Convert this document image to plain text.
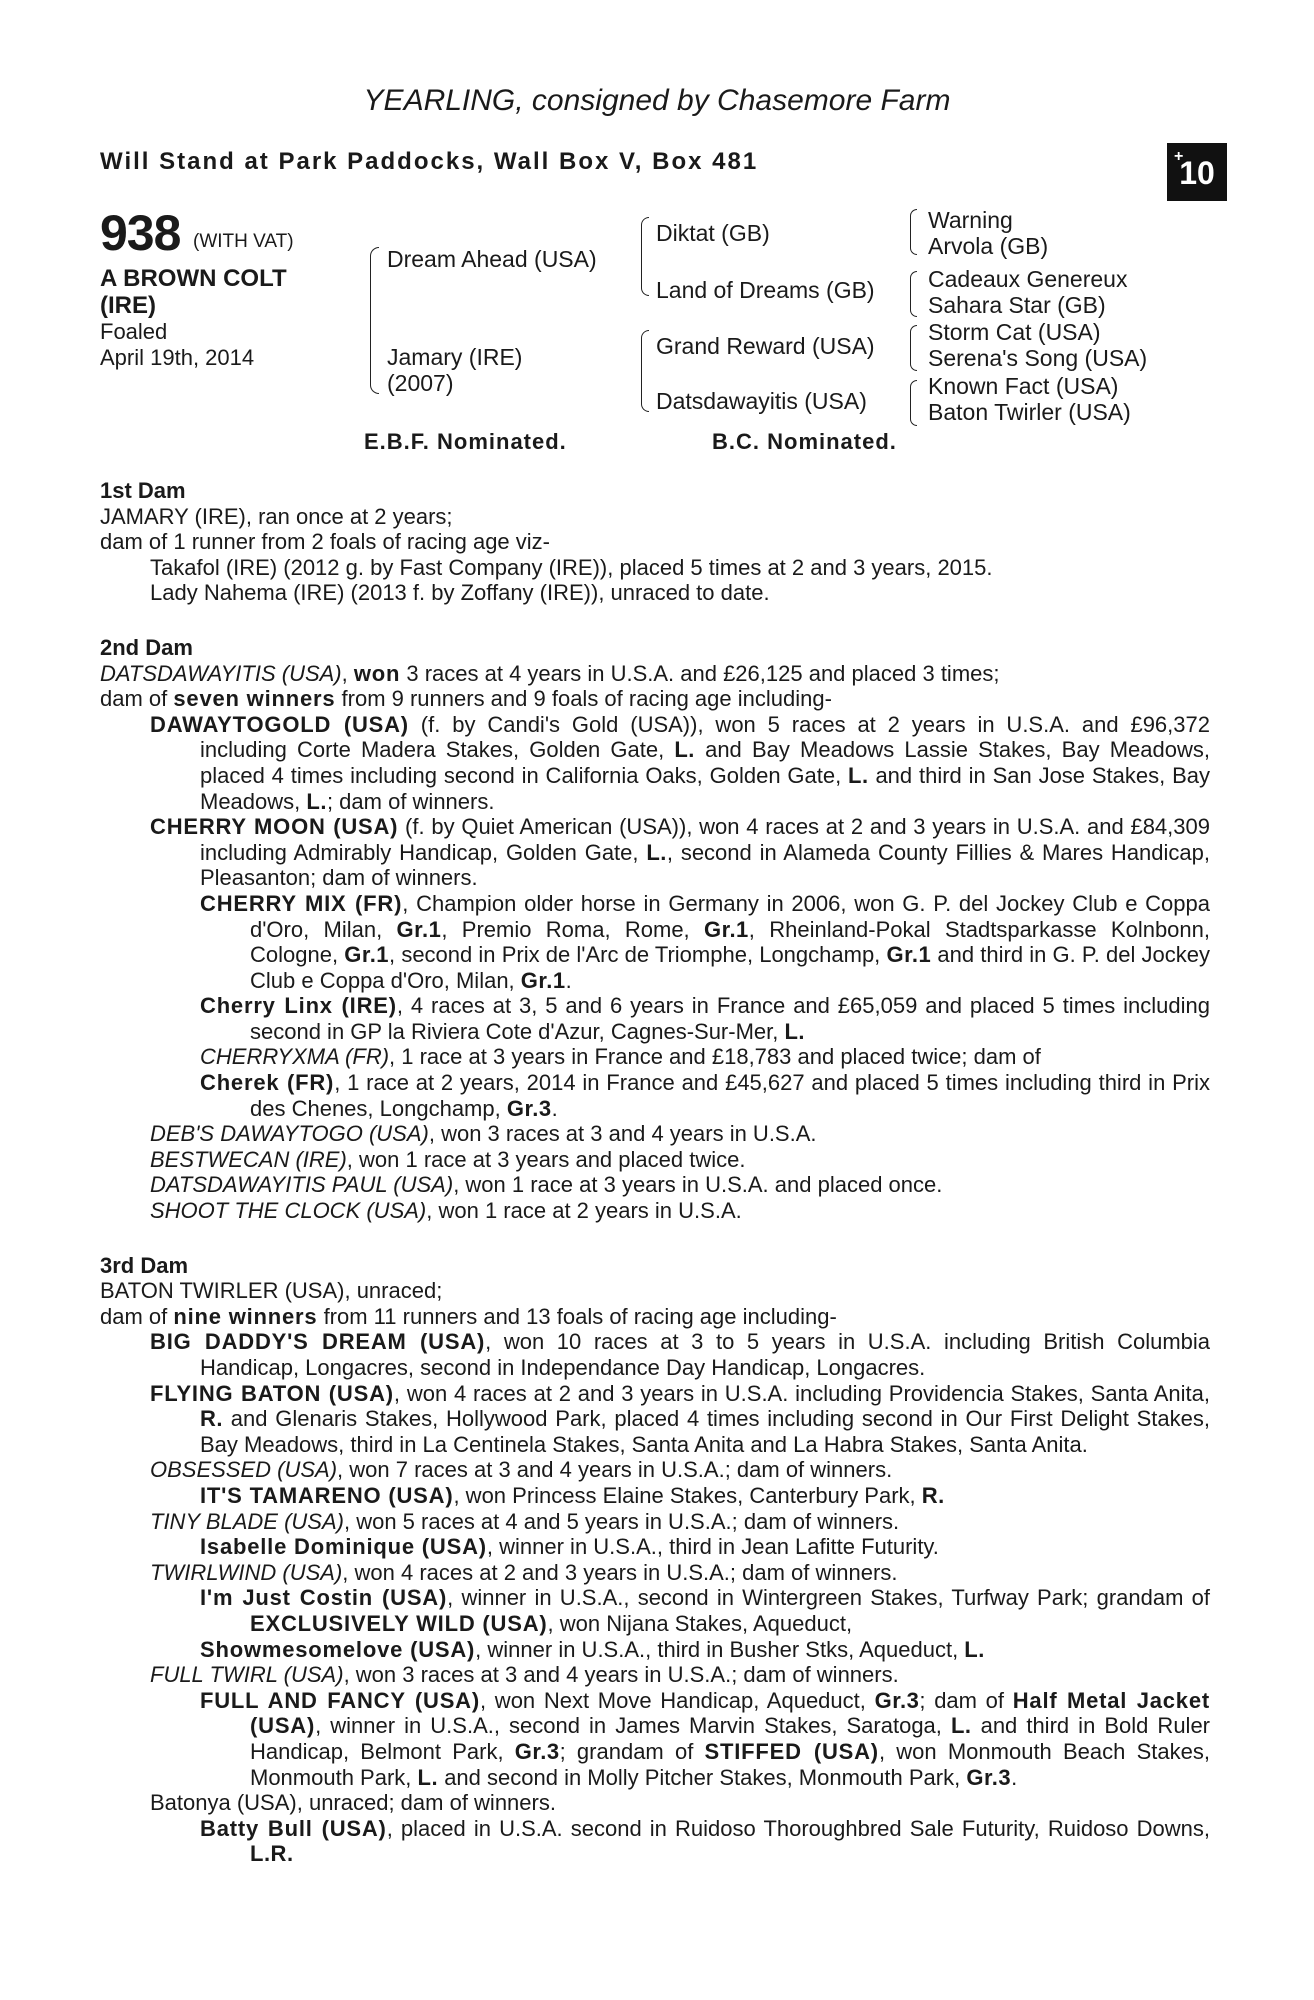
YEARLING, consigned by Chasemore Farm
Will Stand at Park Paddocks, Wall Box V, Box 481	+
10
938 (WITH VAT)
A BROWN COLT
(IRE)
Foaled
April 19th, 2014
Dream Ahead (USA)
Jamary (IRE)
(2007)
Diktat (GB)
Land of Dreams (GB)
Grand Reward (USA)
Datsdawayitis (USA)
Warning
Arvola (GB)
Cadeaux Genereux
Sahara Star (GB)
Storm Cat (USA)
Serena's Song (USA)
Known Fact (USA)
Baton Twirler (USA)
E.B.F. Nominated.	B.C. Nominated.
1st Dam
JAMARY (IRE), ran once at 2 years;
dam of 1 runner from 2 foals of racing age viz-
Takafol (IRE) (2012 g. by Fast Company (IRE)), placed 5 times at 2 and 3 years, 2015.
Lady Nahema (IRE) (2013 f. by Zoffany (IRE)), unraced to date.
2nd Dam
DATSDAWAYITIS (USA), won 3 races at 4 years in U.S.A. and £26,125 and placed 3 times;
dam of seven winners from 9 runners and 9 foals of racing age including-
DAWAYTOGOLD (USA) (f. by Candi's Gold (USA)), won 5 races at 2 years in U.S.A. and £96,372 including Corte Madera Stakes, Golden Gate, L. and Bay Meadows Lassie Stakes, Bay Meadows, placed 4 times including second in California Oaks, Golden Gate, L. and third in San Jose Stakes, Bay Meadows, L.; dam of winners.
CHERRY MOON (USA) (f. by Quiet American (USA)), won 4 races at 2 and 3 years in U.S.A. and £84,309 including Admirably Handicap, Golden Gate, L., second in Alameda County Fillies & Mares Handicap, Pleasanton; dam of winners.
CHERRY MIX (FR), Champion older horse in Germany in 2006, won G. P. del Jockey Club e Coppa d'Oro, Milan, Gr.1, Premio Roma, Rome, Gr.1, Rheinland-Pokal Stadtsparkasse Kolnbonn, Cologne, Gr.1, second in Prix de l'Arc de Triomphe, Longchamp, Gr.1 and third in G. P. del Jockey Club e Coppa d'Oro, Milan, Gr.1.
Cherry Linx (IRE), 4 races at 3, 5 and 6 years in France and £65,059 and placed 5 times including second in GP la Riviera Cote d'Azur, Cagnes-Sur-Mer, L.
CHERRYXMA (FR), 1 race at 3 years in France and £18,783 and placed twice; dam of
Cherek (FR), 1 race at 2 years, 2014 in France and £45,627 and placed 5 times including third in Prix des Chenes, Longchamp, Gr.3.
DEB'S DAWAYTOGO (USA), won 3 races at 3 and 4 years in U.S.A.
BESTWECAN (IRE), won 1 race at 3 years and placed twice.
DATSDAWAYITIS PAUL (USA), won 1 race at 3 years in U.S.A. and placed once.
SHOOT THE CLOCK (USA), won 1 race at 2 years in U.S.A.
3rd Dam
BATON TWIRLER (USA), unraced;
dam of nine winners from 11 runners and 13 foals of racing age including-
BIG DADDY'S DREAM (USA), won 10 races at 3 to 5 years in U.S.A. including British Columbia Handicap, Longacres, second in Independance Day Handicap, Longacres.
FLYING BATON (USA), won 4 races at 2 and 3 years in U.S.A. including Providencia Stakes, Santa Anita, R. and Glenaris Stakes, Hollywood Park, placed 4 times including second in Our First Delight Stakes, Bay Meadows, third in La Centinela Stakes, Santa Anita and La Habra Stakes, Santa Anita.
OBSESSED (USA), won 7 races at 3 and 4 years in U.S.A.; dam of winners.
IT'S TAMARENO (USA), won Princess Elaine Stakes, Canterbury Park, R.
TINY BLADE (USA), won 5 races at 4 and 5 years in U.S.A.; dam of winners.
Isabelle Dominique (USA), winner in U.S.A., third in Jean Lafitte Futurity.
TWIRLWIND (USA), won 4 races at 2 and 3 years in U.S.A.; dam of winners.
I'm Just Costin (USA), winner in U.S.A., second in Wintergreen Stakes, Turfway Park; grandam of EXCLUSIVELY WILD (USA), won Nijana Stakes, Aqueduct,
Showmesomelove (USA), winner in U.S.A., third in Busher Stks, Aqueduct, L.
FULL TWIRL (USA), won 3 races at 3 and 4 years in U.S.A.; dam of winners.
FULL AND FANCY (USA), won Next Move Handicap, Aqueduct, Gr.3; dam of Half Metal Jacket (USA), winner in U.S.A., second in James Marvin Stakes, Saratoga, L. and third in Bold Ruler Handicap, Belmont Park, Gr.3; grandam of STIFFED (USA), won Monmouth Beach Stakes, Monmouth Park, L. and second in Molly Pitcher Stakes, Monmouth Park, Gr.3.
Batonya (USA), unraced; dam of winners.
Batty Bull (USA), placed in U.S.A. second in Ruidoso Thoroughbred Sale Futurity, Ruidoso Downs, L.R.
